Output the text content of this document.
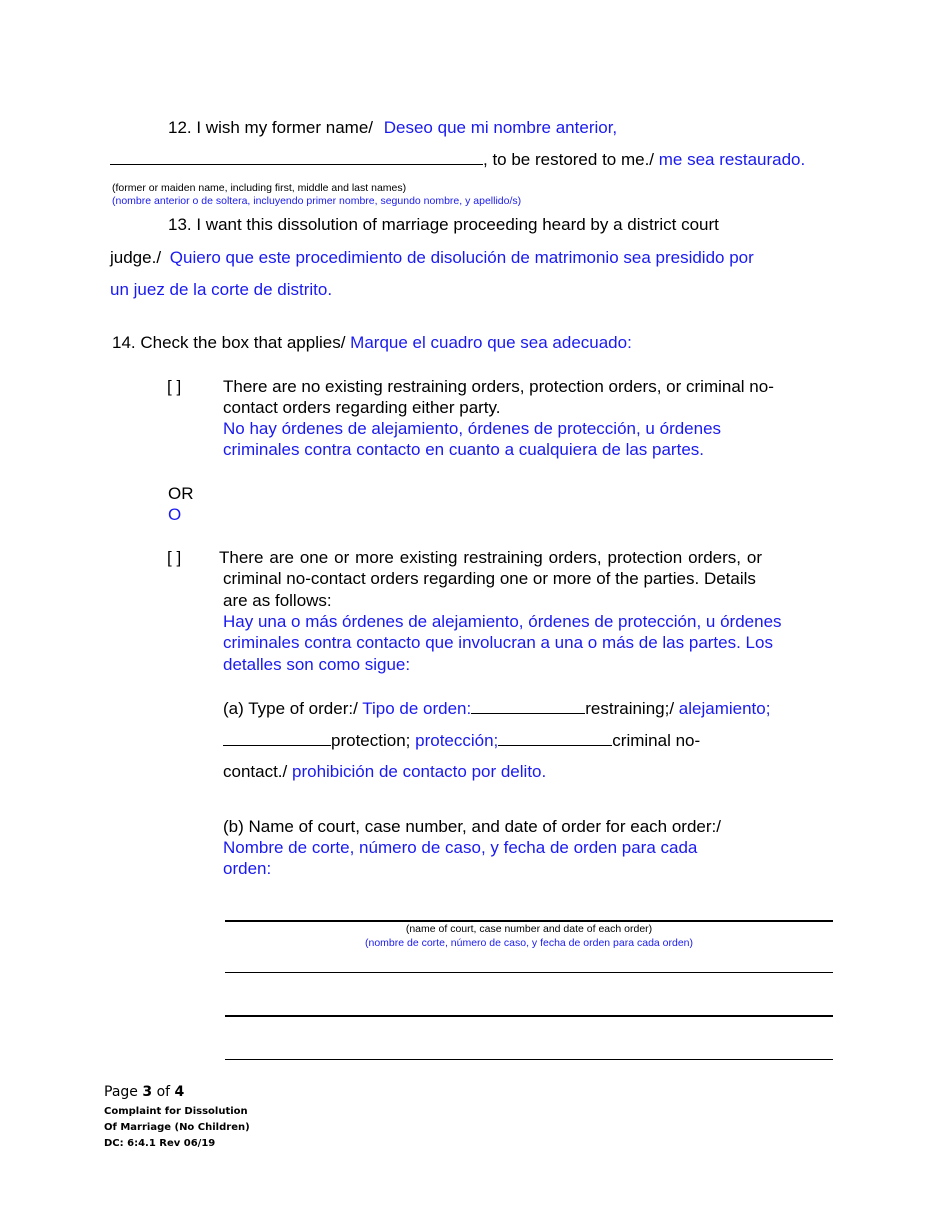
12. I wish my former name/ Deseo que mi nombre anterior,
, to be restored to me./ me sea restaurado.
(former or maiden name, including first, middle and last names)
(nombre anterior o de soltera, incluyendo primer nombre, segundo nombre, y apellido/s)
13. I want this dissolution of marriage proceeding heard by a district court
judge./ Quiero que este procedimiento de disolución de matrimonio sea presidido por
un juez de la corte de distrito.
14. Check the box that applies/ Marque el cuadro que sea adecuado:
[ ] There are no existing restraining orders, protection orders, or criminal no-
contact orders regarding either party.
No hay órdenes de alejamiento, órdenes de protección, u órdenes
criminales contra contacto en cuanto a cualquiera de las partes.
OR
O
[ ] There are one or more existing restraining orders, protection orders, or
criminal no-contact orders regarding one or more of the parties. Details
are as follows:
Hay una o más órdenes de alejamiento, órdenes de protección, u órdenes
criminales contra contacto que involucran a una o más de las partes. Los
detalles son como sigue:
(a) Type of order:/ Tipo de orden:	restraining;/ alejamiento;
protection; protección;	criminal no-
contact./ prohibición de contacto por delito.
(b) Name of court, case number, and date of order for each order:/
Nombre de corte, número de caso, y fecha de orden para cada
orden:
(name of court, case number and date of each order)
(nombre de corte, número de caso, y fecha de orden para cada orden)
Page 3 of 4
Complaint for Dissolution
Of Marriage (No Children)
DC: 6:4.1 Rev 06/19
